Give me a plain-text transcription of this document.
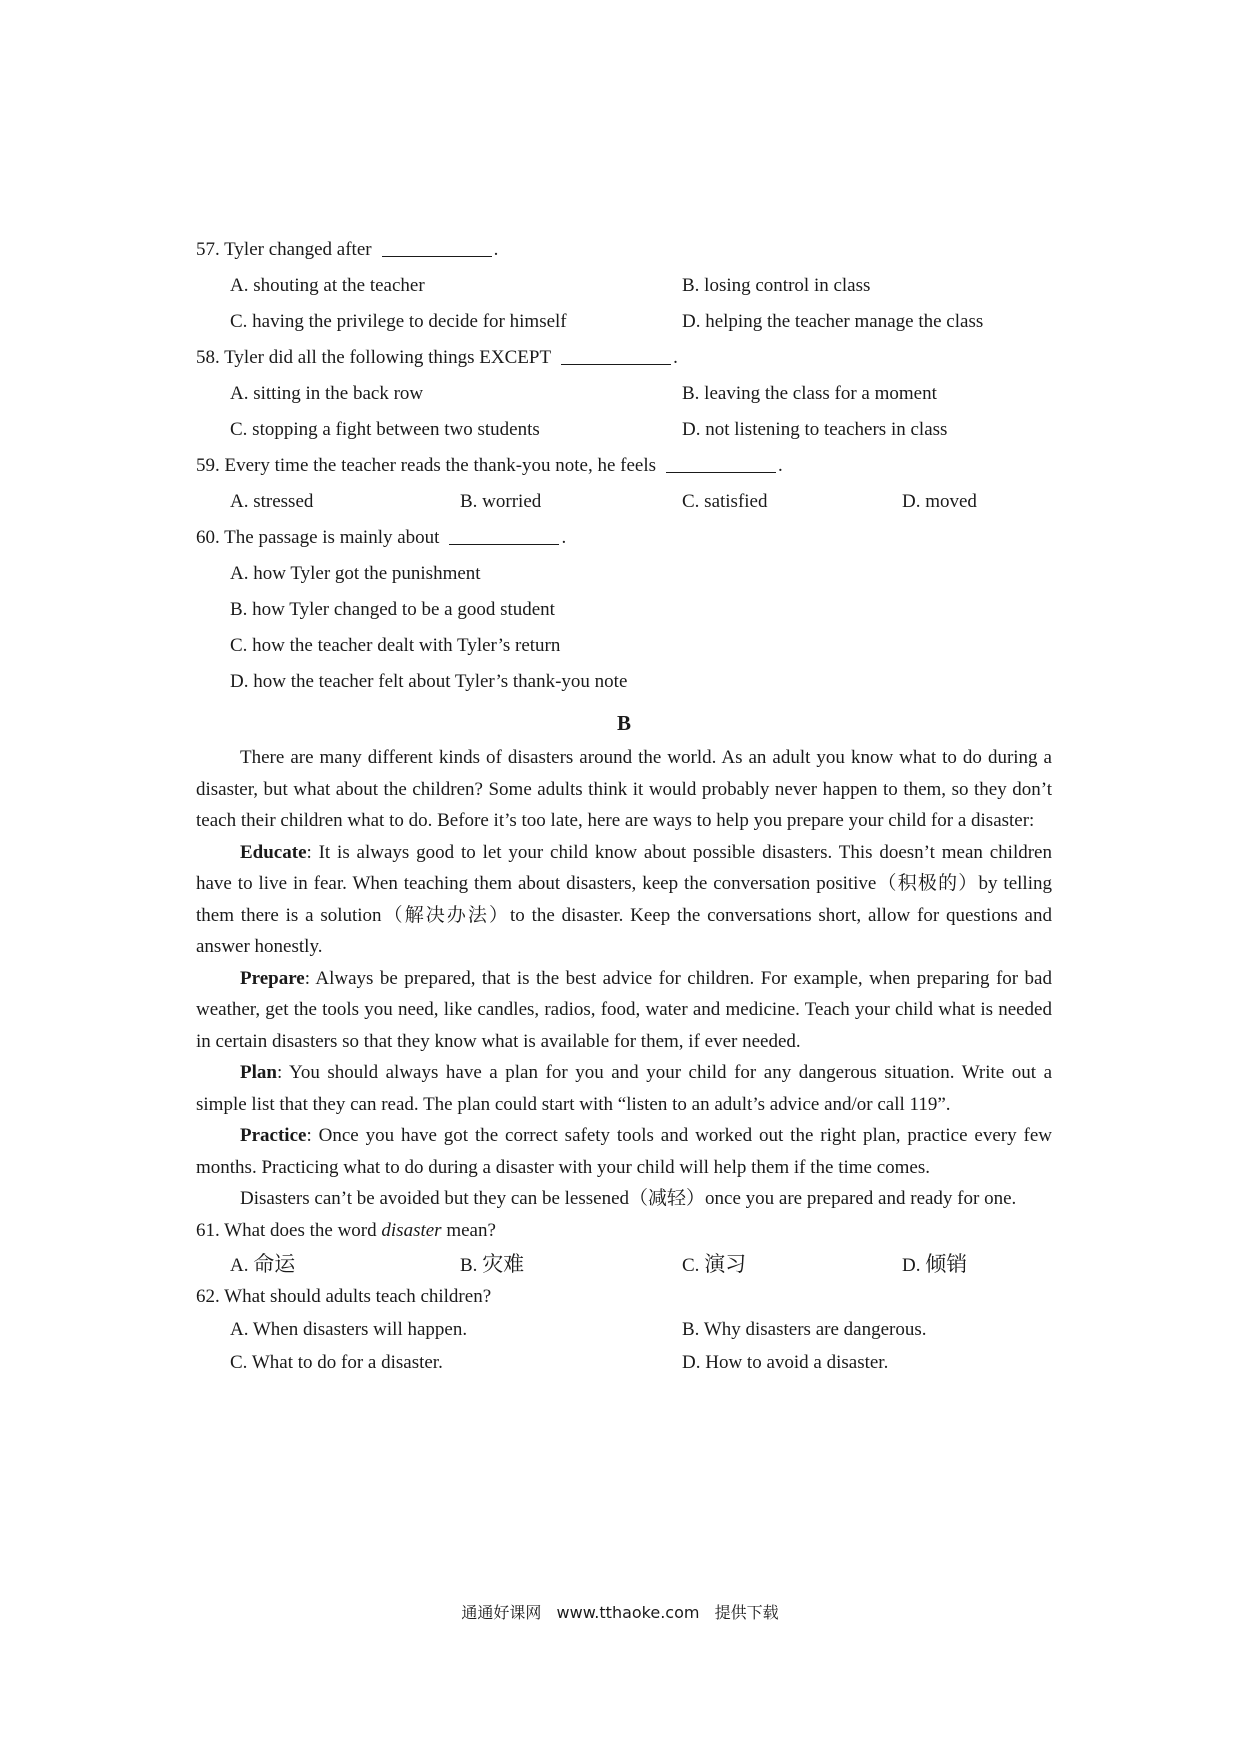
57. Tyler changed after	.
A. shouting at the teacher	B. losing control in class
C. having the privilege to decide for himself	D. helping the teacher manage the class
58. Tyler did all the following things EXCEPT	.
A. sitting in the back row	B. leaving the class for a moment
C. stopping a fight between two students	D. not listening to teachers in class
59. Every time the teacher reads the thank-you note, he feels	.
A. stressed	B. worried	C. satisfied	D. moved
60. The passage is mainly about	.
A. how Tyler got the punishment
B. how Tyler changed to be a good student
C. how the teacher dealt with Tyler’s return
D. how the teacher felt about Tyler’s thank-you note
B

There are many different kinds of disasters around the world. As an adult you know what to do during a disaster, but what about the children? Some adults think it would probably never happen to them, so they don’t teach their children what to do. Before it’s too late, here are ways to help you prepare your child for a disaster:

Educate: It is always good to let your child know about possible disasters. This doesn’t mean children have to live in fear. When teaching them about disasters, keep the conversation positive（积极的）by telling them there is a solution（解决办法）to the disaster. Keep the conversations short, allow for questions and answer honestly.

Prepare: Always be prepared, that is the best advice for children. For example, when preparing for bad weather, get the tools you need, like candles, radios, food, water and medicine. Teach your child what is needed in certain disasters so that they know what is available for them, if ever needed.

Plan: You should always have a plan for you and your child for any dangerous situation. Write out a simple list that they can read. The plan could start with “listen to an adult’s advice and/or call 119”.

Practice: Once you have got the correct safety tools and worked out the right plan, practice every few months. Practicing what to do during a disaster with your child will help them if the time comes.

Disasters can’t be avoided but they can be lessened（减轻）once you are prepared and ready for one.

61. What does the word disaster mean?
A. 命运	B. 灾难	C. 演习	D. 倾销
62. What should adults teach children?
A. When disasters will happen.	B. Why disasters are dangerous.
C. What to do for a disaster.	D. How to avoid a disaster.
通通好课网 www.tthaoke.com 提供下载
